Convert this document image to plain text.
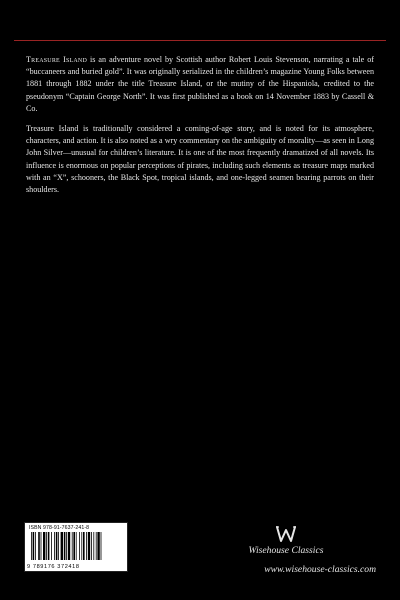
Treasure Island is an adventure novel by Scottish author Robert Louis Stevenson, narrating a tale of “buccaneers and buried gold”. It was originally serialized in the children’s magazine Young Folks between 1881 through 1882 under the title Treasure Island, or the mutiny of the Hispaniola, credited to the pseudonym “Captain George North”. It was first published as a book on 14 November 1883 by Cassell & Co.

Treasure Island is traditionally considered a coming-of-age story, and is noted for its atmosphere, characters, and action. It is also noted as a wry commentary on the ambiguity of morality—as seen in Long John Silver—unusual for children’s literature. It is one of the most frequently dramatized of all novels. Its influence is enormous on popular perceptions of pirates, including such elements as treasure maps marked with an “X”, schooners, the Black Spot, tropical islands, and one-legged seamen bearing parrots on their shoulders.

ISBN 978-91-7637-241-8
9 789176 372418
Wisehouse Classics
www.wisehouse-classics.com
